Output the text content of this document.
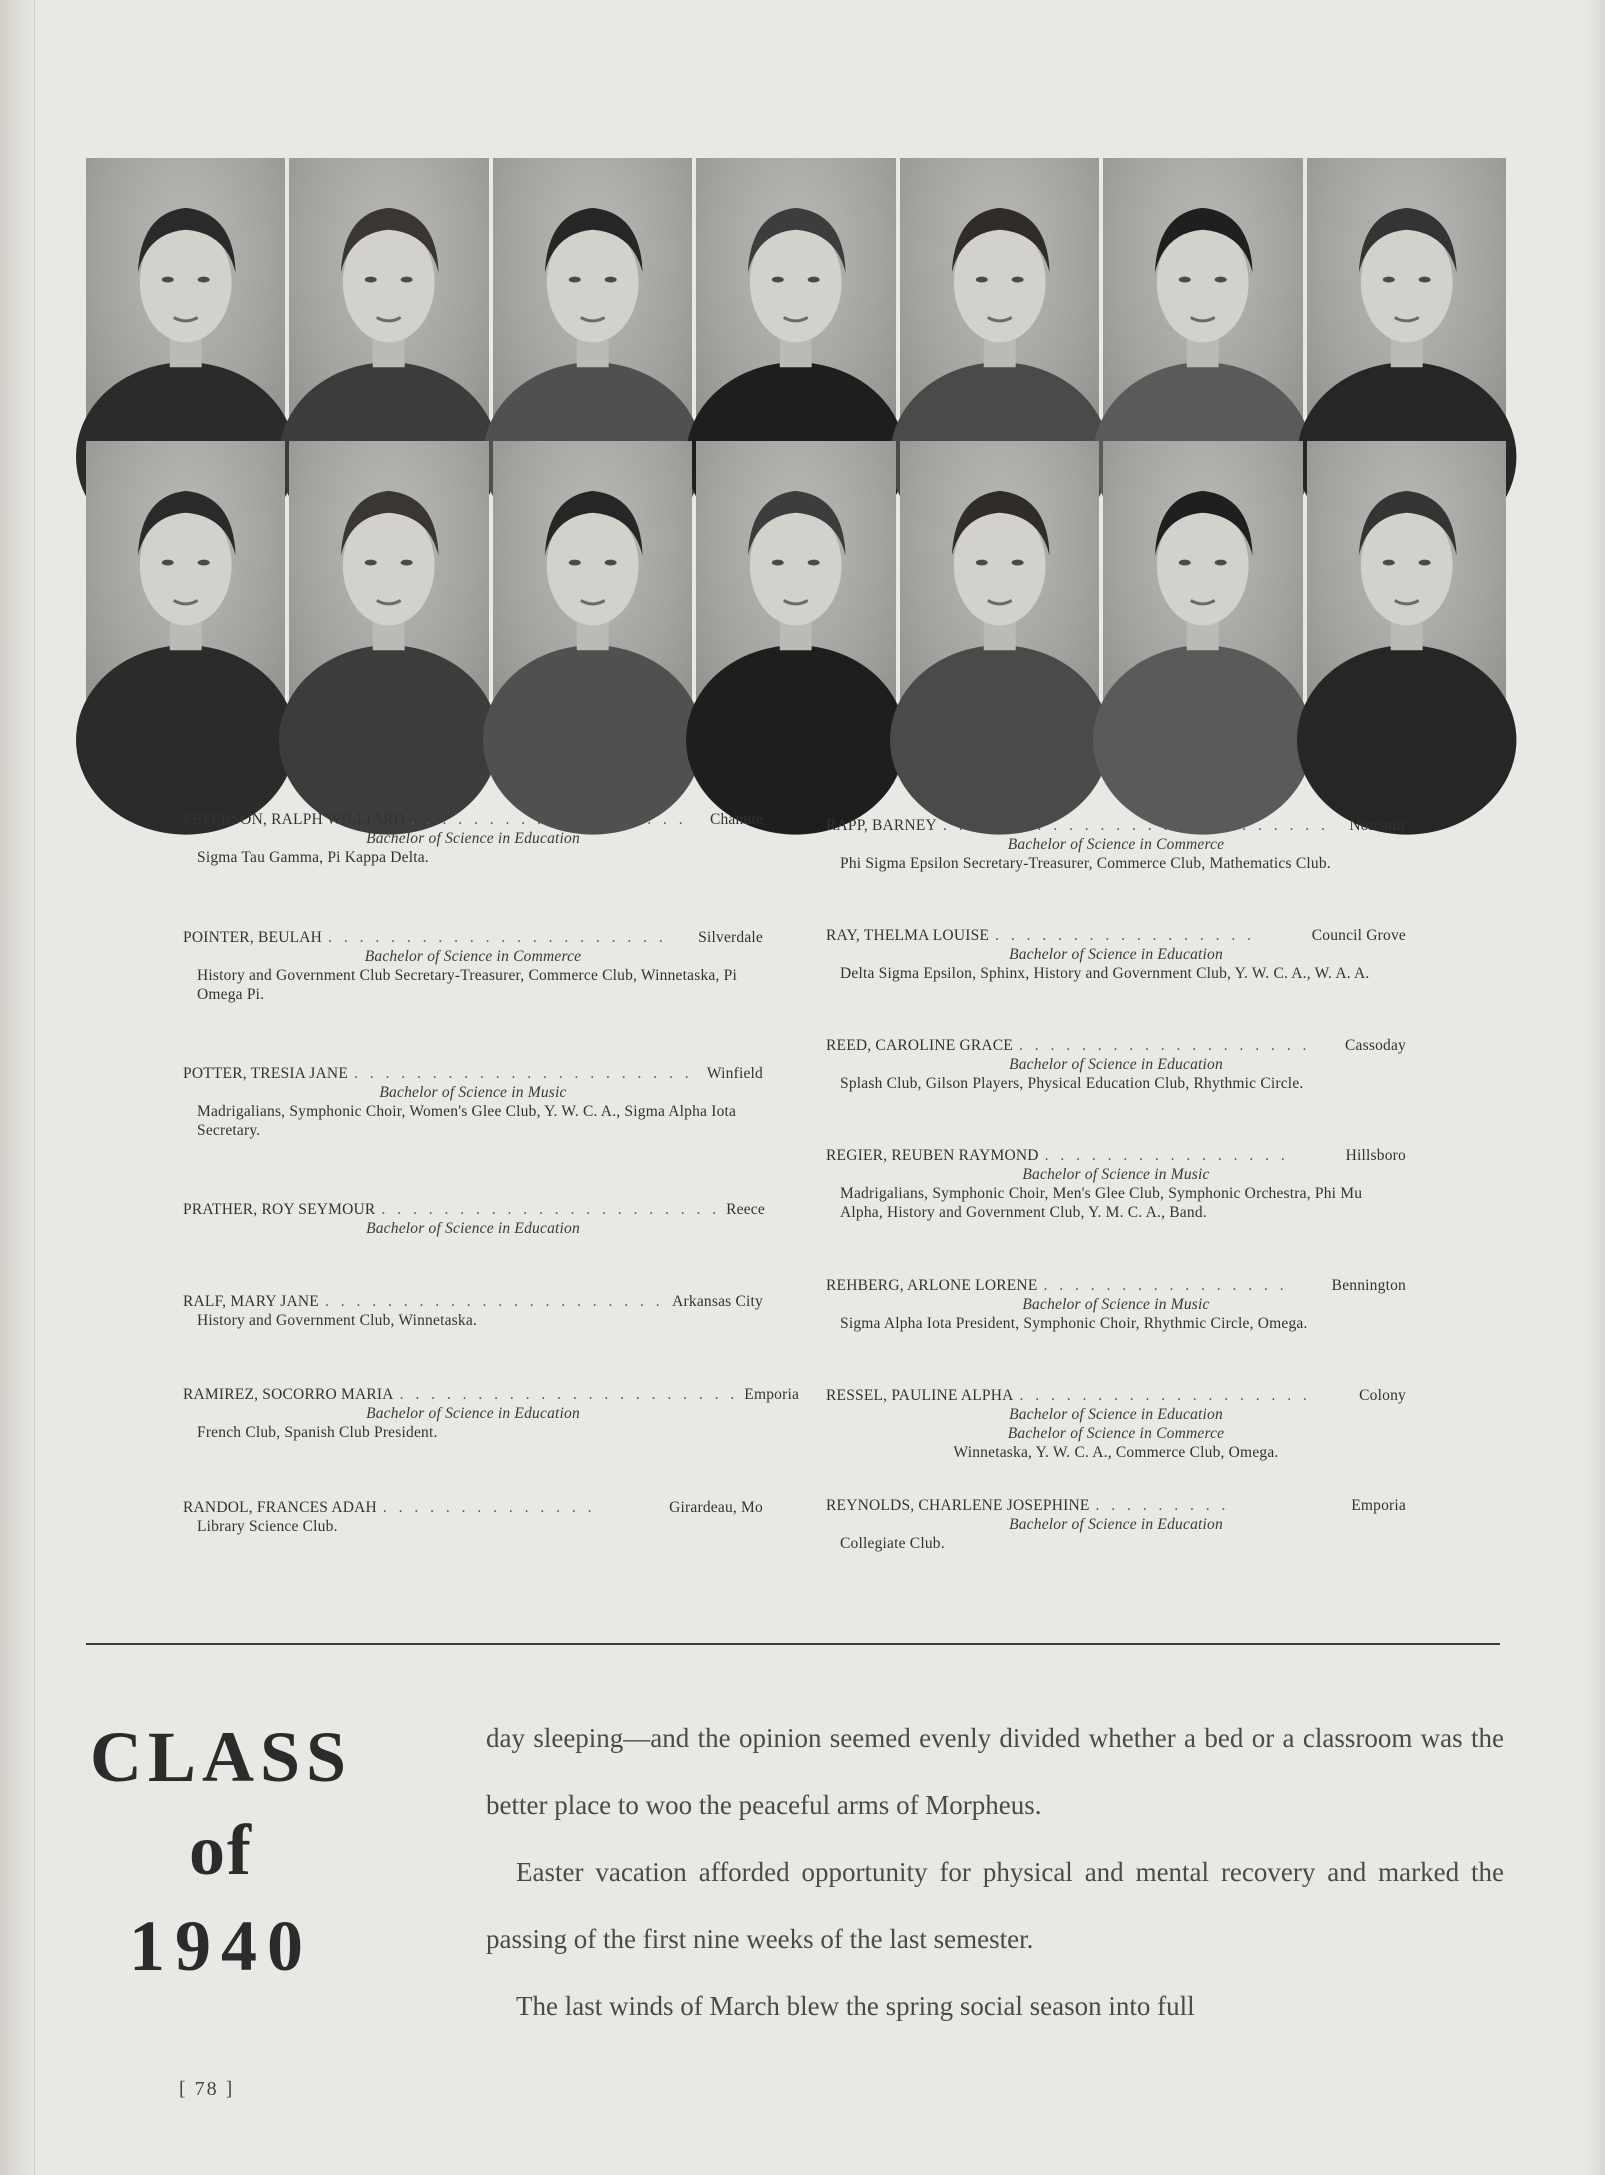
PETERSON, RALPH WILLIARD . . . . . . . . . . . . . . . . . .	Chanute
Bachelor of Science in Education
Sigma Tau Gamma, Pi Kappa Delta.
POINTER, BEULAH . . . . . . . . . . . . . . . . . . . . . .	Silverdale
Bachelor of Science in Commerce
History and Government Club Secretary-Treasurer, Commerce Club, Winnetaska, Pi Omega Pi.
POTTER, TRESIA JANE . . . . . . . . . . . . . . . . . . . . . . Winfield
Bachelor of Science in Music
Madrigalians, Symphonic Choir, Women's Glee Club, Y. W. C. A., Sigma Alpha Iota Secretary.
PRATHER, ROY SEYMOUR . . . . . . . . . . . . . . . . . . . . . . Reece
Bachelor of Science in Education
RALF, MARY JANE . . . . . . . . . . . . . . . . . . . . . . Arkansas City
History and Government Club, Winnetaska.
RAMIREZ, SOCORRO MARIA . . . . . . . . . . . . . . . . . . . . . . Emporia
Bachelor of Science in Education
French Club, Spanish Club President.
RANDOL, FRANCES ADAH . . . . . . . . . . . . . .	Girardeau, Mo
Library Science Club.
RAPP, BARNEY . . . . . . . . . . . . . . . . . . . . . . . . .	Norcatur
Bachelor of Science in Commerce
Phi Sigma Epsilon Secretary-Treasurer, Commerce Club, Mathematics Club.
RAY, THELMA LOUISE . . . . . . . . . . . . . . . . .	Council Grove
Bachelor of Science in Education
Delta Sigma Epsilon, Sphinx, History and Government Club, Y. W. C. A., W. A. A.
REED, CAROLINE GRACE . . . . . . . . . . . . . . . . . . .	Cassoday
Bachelor of Science in Education
Splash Club, Gilson Players, Physical Education Club, Rhythmic Circle.
REGIER, REUBEN RAYMOND . . . . . . . . . . . . . . . .	Hillsboro
Bachelor of Science in Music
Madrigalians, Symphonic Choir, Men's Glee Club, Symphonic Orchestra, Phi Mu Alpha, History and Government Club, Y. M. C. A., Band.
REHBERG, ARLONE LORENE . . . . . . . . . . . . . . . .	Bennington
Bachelor of Science in Music
Sigma Alpha Iota President, Symphonic Choir, Rhythmic Circle, Omega.
RESSEL, PAULINE ALPHA . . . . . . . . . . . . . . . . . . .	Colony
Bachelor of Science in Education
Bachelor of Science in Commerce
Winnetaska, Y. W. C. A., Commerce Club, Omega.
REYNOLDS, CHARLENE JOSEPHINE . . . . . . . . .	Emporia
Bachelor of Science in Education
Collegiate Club.
CLASS
of
1940

day sleeping—and the opinion seemed evenly divided whether a bed or a classroom was the better place to woo the peaceful arms of Morpheus.

Easter vacation afforded opportunity for physical and mental recovery and marked the passing of the first nine weeks of the last semester.

The last winds of March blew the spring social season into full

[ 78 ]
